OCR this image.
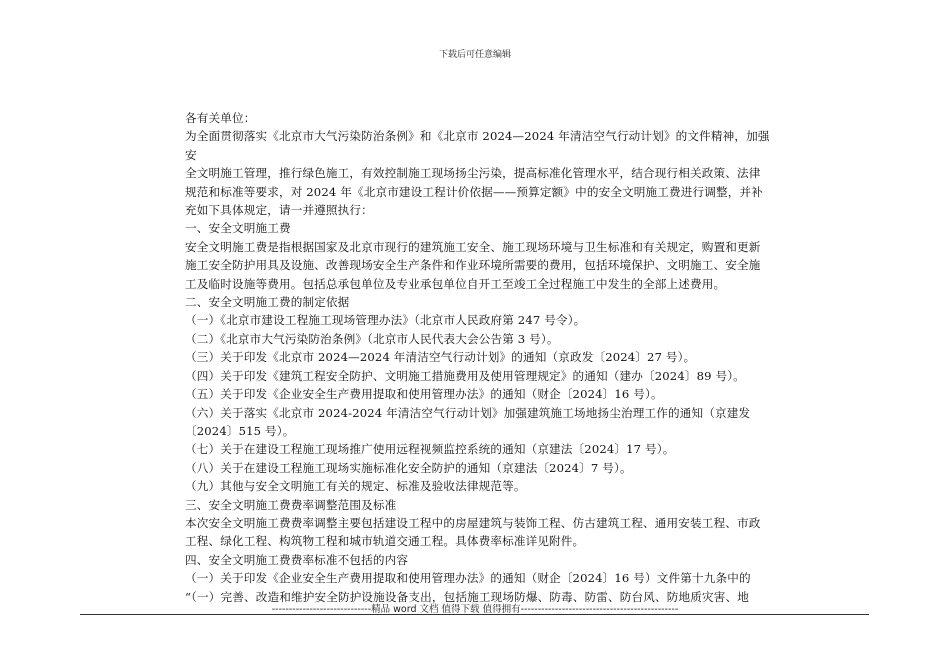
下载后可任意编辑

各有关单位：

为全面贯彻落实《北京市大气污染防治条例》和《北京市 2024—2024 年清洁空气行动计划》的文件精神，加强安

全文明施工管理，推行绿色施工，有效控制施工现场扬尘污染，提高标准化管理水平，结合现行相关政策、法律

规范和标准等要求，对 2024 年《北京市建设工程计价依据——预算定额》中的安全文明施工费进行调整，并补

充如下具体规定，请一并遵照执行：

一、安全文明施工费

安全文明施工费是指根据国家及北京市现行的建筑施工安全、施工现场环境与卫生标准和有关规定，购置和更新

施工安全防护用具及设施、改善现场安全生产条件和作业环境所需要的费用，包括环境保护、文明施工、安全施

工及临时设施等费用。包括总承包单位及专业承包单位自开工至竣工全过程施工中发生的全部上述费用。

二、安全文明施工费的制定依据

（一）《北京市建设工程施工现场管理办法》（北京市人民政府第 247 号令）。

（二）《北京市大气污染防治条例》（北京市人民代表大会公告第 3 号）。

（三）关于印发《北京市 2024—2024 年清洁空气行动计划》的通知（京政发〔2024〕27 号）。

（四）关于印发《建筑工程安全防护、文明施工措施费用及使用管理规定》的通知（建办〔2024〕89 号）。

（五）关于印发《企业安全生产费用提取和使用管理办法》的通知（财企〔2024〕16 号）。

（六）关于落实《北京市 2024-2024 年清洁空气行动计划》加强建筑施工场地扬尘治理工作的通知（京建发

〔2024〕515 号）。

（七）关于在建设工程施工现场推广使用远程视频监控系统的通知（京建法〔2024〕17 号）。

（八）关于在建设工程施工现场实施标准化安全防护的通知（京建法〔2024〕7 号）。

（九）其他与安全文明施工有关的规定、标准及验收法律规范等。

三、安全文明施工费费率调整范围及标准

本次安全文明施工费费率调整主要包括建设工程中的房屋建筑与装饰工程、仿古建筑工程、通用安装工程、市政

工程、绿化工程、构筑物工程和城市轨道交通工程。具体费率标准详见附件。

四、安全文明施工费费率标准不包括的内容

（一）关于印发《企业安全生产费用提取和使用管理办法》的通知（财企〔2024〕16 号）文件第十九条中的

“（一）完善、改造和维护安全防护设施设备支出，包括施工现场防爆、防毒、防雷、防台风、防地质灾害、地

-----------------------------精品 word 文档 值得下载 值得拥有----------------------------------------------
